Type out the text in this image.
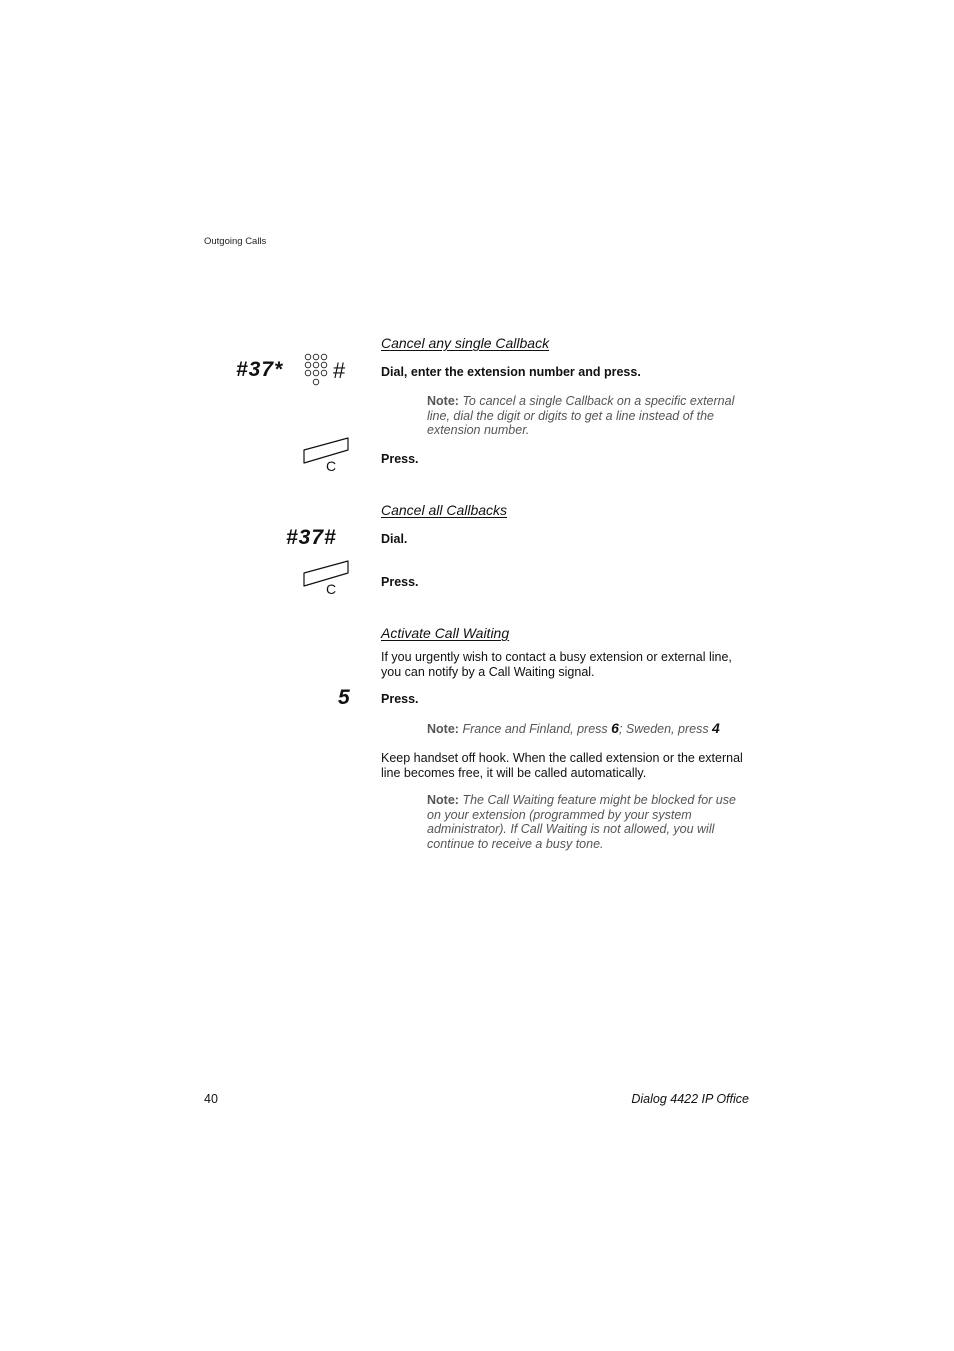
Outgoing Calls
Cancel any single Callback
#37* #	Dial, enter the extension number and press.
Note: To cancel a single Callback on a specific external line, dial the digit or digits to get a line instead of the extension number.
C	Press.
Cancel all Callbacks
#37#	Dial.
C	Press.
Activate Call Waiting
If you urgently wish to contact a busy extension or external line, you can notify by a Call Waiting signal.
5 Press.
Note: France and Finland, press 6; Sweden, press 4
Keep handset off hook. When the called extension or the external line becomes free, it will be called automatically.
Note: The Call Waiting feature might be blocked for use on your extension (programmed by your system administrator). If Call Waiting is not allowed, you will continue to receive a busy tone.
40	Dialog 4422 IP Office
